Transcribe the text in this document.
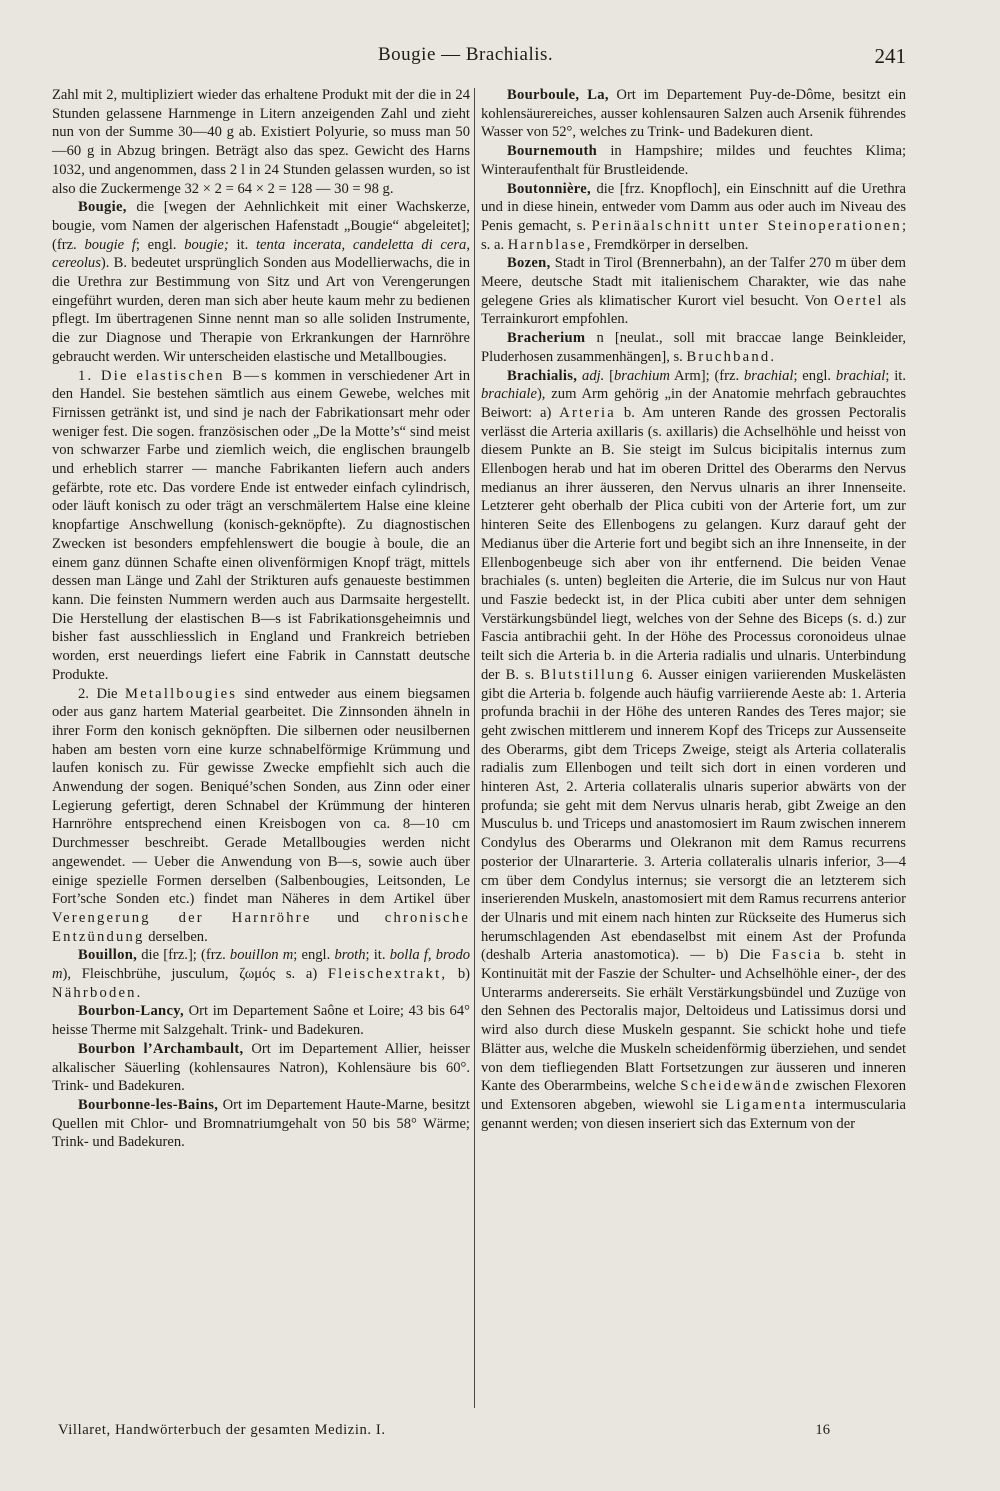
Bougie — Brachialis.	241

Zahl mit 2, multipliziert wieder das erhaltene Produkt mit der die in 24 Stunden gelassene Harnmenge in Litern anzeigenden Zahl und zieht nun von der Summe 30—40 g ab. Existiert Polyurie, so muss man 50—60 g in Abzug bringen. Beträgt also das spez. Gewicht des Harns 1032, und angenommen, dass 2 l in 24 Stunden gelassen wurden, so ist also die Zuckermenge 32 × 2 = 64 × 2 = 128 — 30 = 98 g.

Bougie, die [wegen der Aehnlichkeit mit einer Wachskerze, bougie, vom Namen der algerischen Hafenstadt „Bougie“ abgeleitet]; (frz. bougie f; engl. bougie; it. tenta incerata, candeletta di cera, cereolus). B. bedeutet ursprünglich Sonden aus Modellierwachs, die in die Urethra zur Bestimmung von Sitz und Art von Verengerungen eingeführt wurden, deren man sich aber heute kaum mehr zu bedienen pflegt. Im übertragenen Sinne nennt man so alle soliden Instrumente, die zur Diagnose und Therapie von Erkrankungen der Harnröhre gebraucht werden. Wir unterscheiden elastische und Metallbougies.

1. Die elastischen B—s kommen in verschiedener Art in den Handel. Sie bestehen sämtlich aus einem Gewebe, welches mit Firnissen getränkt ist, und sind je nach der Fabrikationsart mehr oder weniger fest. Die sogen. französischen oder „De la Motte’s“ sind meist von schwarzer Farbe und ziemlich weich, die englischen braungelb und erheblich starrer — manche Fabrikanten liefern auch anders gefärbte, rote etc. Das vordere Ende ist entweder einfach cylindrisch, oder läuft konisch zu oder trägt an verschmälertem Halse eine kleine knopfartige Anschwellung (konisch-geknöpfte). Zu diagnostischen Zwecken ist besonders empfehlenswert die bougie à boule, die an einem ganz dünnen Schafte einen olivenförmigen Knopf trägt, mittels dessen man Länge und Zahl der Strikturen aufs genaueste bestimmen kann. Die feinsten Nummern werden auch aus Darmsaite hergestellt. Die Herstellung der elastischen B—s ist Fabrikationsgeheimnis und bisher fast ausschliesslich in England und Frankreich betrieben worden, erst neuerdings liefert eine Fabrik in Cannstatt deutsche Produkte.

2. Die Metallbougies sind entweder aus einem biegsamen oder aus ganz hartem Material gearbeitet. Die Zinnsonden ähneln in ihrer Form den konisch geknöpften. Die silbernen oder neusilbernen haben am besten vorn eine kurze schnabelförmige Krümmung und laufen konisch zu. Für gewisse Zwecke empfiehlt sich auch die Anwendung der sogen. Beniqué’schen Sonden, aus Zinn oder einer Legierung gefertigt, deren Schnabel der Krümmung der hinteren Harnröhre entsprechend einen Kreisbogen von ca. 8—10 cm Durchmesser beschreibt. Gerade Metallbougies werden nicht angewendet. — Ueber die Anwendung von B—s, sowie auch über einige spezielle Formen derselben (Salbenbougies, Leitsonden, Le Fort’sche Sonden etc.) findet man Näheres in dem Artikel über Verengerung der Harnröhre und chronische Entzündung derselben.

Bouillon, die [frz.]; (frz. bouillon m; engl. broth; it. bolla f, brodo m), Fleischbrühe, jusculum, ζωμός s. a) Fleischextrakt, b) Nährboden.

Bourbon-Lancy, Ort im Departement Saône et Loire; 43 bis 64° heisse Therme mit Salzgehalt. Trink- und Badekuren.

Bourbon l’Archambault, Ort im Departement Allier, heisser alkalischer Säuerling (kohlensaures Natron), Kohlensäure bis 60°. Trink- und Badekuren.

Bourbonne-les-Bains, Ort im Departement Haute-Marne, besitzt Quellen mit Chlor- und Bromnatriumgehalt von 50 bis 58° Wärme; Trink- und Badekuren.

Bourboule, La, Ort im Departement Puy-de-Dôme, besitzt ein kohlensäurereiches, ausser kohlensauren Salzen auch Arsenik führendes Wasser von 52°, welches zu Trink- und Badekuren dient.

Bournemouth in Hampshire; mildes und feuchtes Klima; Winteraufenthalt für Brustleidende.

Boutonnière, die [frz. Knopfloch], ein Einschnitt auf die Urethra und in diese hinein, entweder vom Damm aus oder auch im Niveau des Penis gemacht, s. Perinäalschnitt unter Steinoperationen; s. a. Harnblase, Fremdkörper in derselben.

Bozen, Stadt in Tirol (Brennerbahn), an der Talfer 270 m über dem Meere, deutsche Stadt mit italienischem Charakter, wie das nahe gelegene Gries als klimatischer Kurort viel besucht. Von Oertel als Terrainkurort empfohlen.

Bracherium n [neulat., soll mit braccae lange Beinkleider, Pluderhosen zusammenhängen], s. Bruchband.

Brachialis, adj. [brachium Arm]; (frz. brachial; engl. brachial; it. brachiale), zum Arm gehörig „in der Anatomie mehrfach gebrauchtes Beiwort: a) Arteria b. Am unteren Rande des grossen Pectoralis verlässt die Arteria axillaris (s. axillaris) die Achselhöhle und heisst von diesem Punkte an B. Sie steigt im Sulcus bicipitalis internus zum Ellenbogen herab und hat im oberen Drittel des Oberarms den Nervus medianus an ihrer äusseren, den Nervus ulnaris an ihrer Innenseite. Letzterer geht oberhalb der Plica cubiti von der Arterie fort, um zur hinteren Seite des Ellenbogens zu gelangen. Kurz darauf geht der Medianus über die Arterie fort und begibt sich an ihre Innenseite, in der Ellenbogenbeuge sich aber von ihr entfernend. Die beiden Venae brachiales (s. unten) begleiten die Arterie, die im Sulcus nur von Haut und Faszie bedeckt ist, in der Plica cubiti aber unter dem sehnigen Verstärkungsbündel liegt, welches von der Sehne des Biceps (s. d.) zur Fascia antibrachii geht. In der Höhe des Processus coronoideus ulnae teilt sich die Arteria b. in die Arteria radialis und ulnaris. Unterbindung der B. s. Blutstillung 6. Ausser einigen variierenden Muskelästen gibt die Arteria b. folgende auch häufig varriierende Aeste ab: 1. Arteria profunda brachii in der Höhe des unteren Randes des Teres major; sie geht zwischen mittlerem und innerem Kopf des Triceps zur Aussenseite des Oberarms, gibt dem Triceps Zweige, steigt als Arteria collateralis radialis zum Ellenbogen und teilt sich dort in einen vorderen und hinteren Ast, 2. Arteria collateralis ulnaris superior abwärts von der profunda; sie geht mit dem Nervus ulnaris herab, gibt Zweige an den Musculus b. und Triceps und anastomosiert im Raum zwischen innerem Condylus des Oberarms und Olekranon mit dem Ramus recurrens posterior der Ulnararterie. 3. Arteria collateralis ulnaris inferior, 3—4 cm über dem Condylus internus; sie versorgt die an letzterem sich inserierenden Muskeln, anastomosiert mit dem Ramus recurrens anterior der Ulnaris und mit einem nach hinten zur Rückseite des Humerus sich herumschlagenden Ast ebendaselbst mit einem Ast der Profunda (deshalb Arteria anastomotica). — b) Die Fascia b. steht in Kontinuität mit der Faszie der Schulter- und Achselhöhle einer-, der des Unterarms andererseits. Sie erhält Verstärkungsbündel und Zuzüge von den Sehnen des Pectoralis major, Deltoideus und Latissimus dorsi und wird also durch diese Muskeln gespannt. Sie schickt hohe und tiefe Blätter aus, welche die Muskeln scheidenförmig überziehen, und sendet von dem tiefliegenden Blatt Fortsetzungen zur äusseren und inneren Kante des Oberarmbeins, welche Scheidewände zwischen Flexoren und Extensoren abgeben, wiewohl sie Ligamenta intermuscularia genannt werden; von diesen inseriert sich das Externum von der

Villaret, Handwörterbuch der gesamten Medizin. I.	16
